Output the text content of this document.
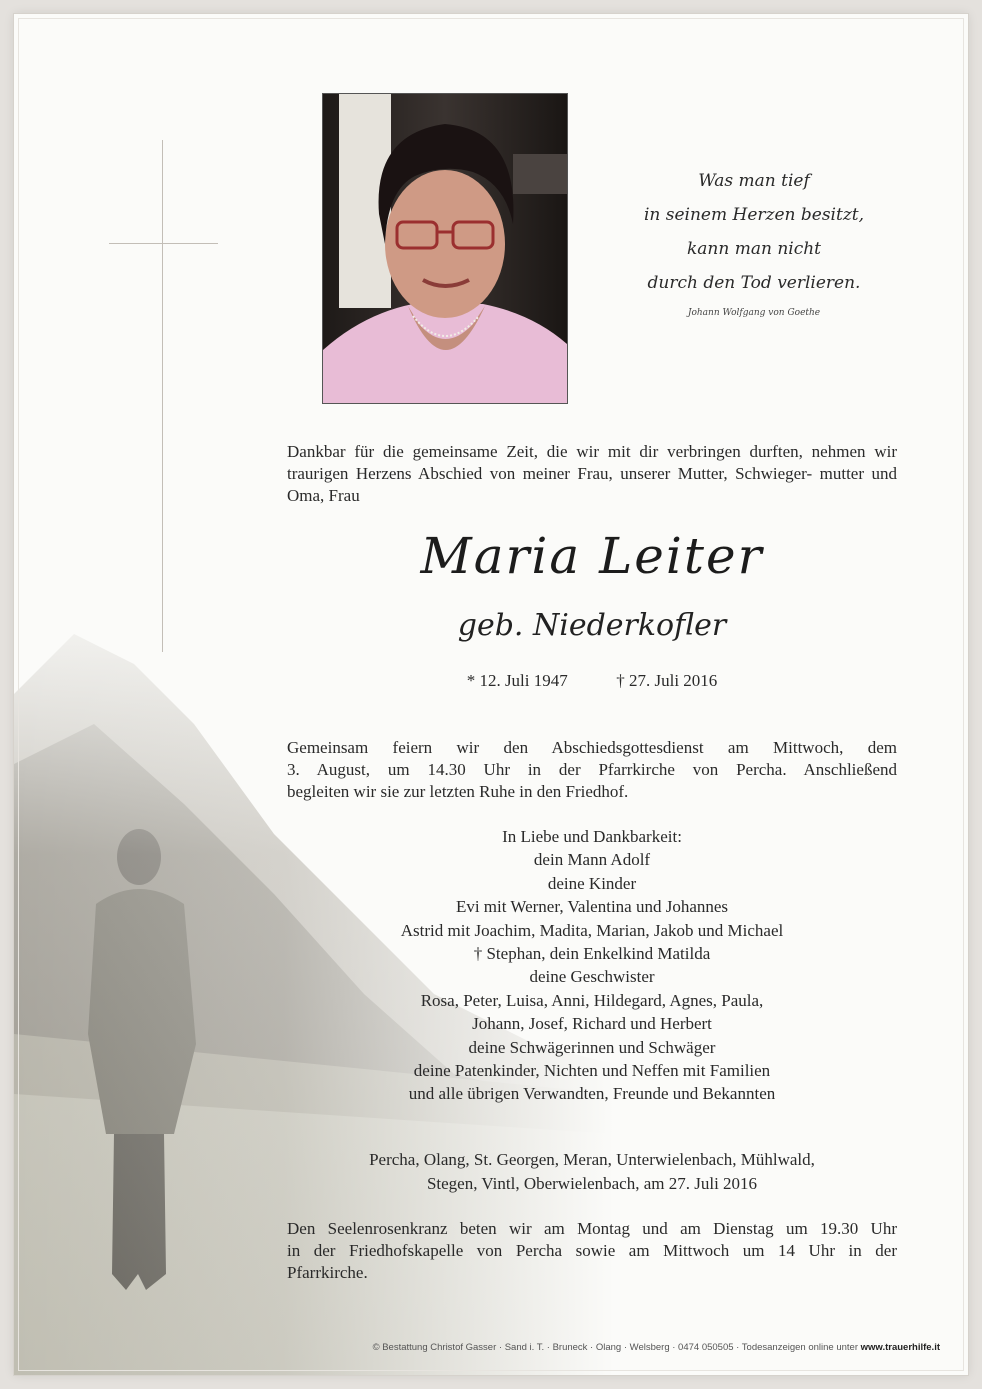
Was man tief
in seinem Herzen besitzt,
kann man nicht
durch den Tod verlieren.
Johann Wolfgang von Goethe
Dankbar für die gemeinsame Zeit, die wir mit dir verbringen durften, nehmen wir traurigen Herzens Abschied von meiner Frau, unserer Mutter, Schwieger- mutter und Oma, Frau
Maria Leiter
geb. Niederkofler
* 12. Juli 1947	† 27. Juli 2016
Gemeinsam feiern wir den Abschiedsgottesdienst am Mittwoch, dem
3. August, um 14.30 Uhr in der Pfarrkirche von Percha. Anschließend
begleiten wir sie zur letzten Ruhe in den Friedhof.
In Liebe und Dankbarkeit:
dein Mann Adolf
deine Kinder
Evi mit Werner, Valentina und Johannes
Astrid mit Joachim, Madita, Marian, Jakob und Michael
† Stephan, dein Enkelkind Matilda
deine Geschwister
Rosa, Peter, Luisa, Anni, Hildegard, Agnes, Paula,
Johann, Josef, Richard und Herbert
deine Schwägerinnen und Schwäger
deine Patenkinder, Nichten und Neffen mit Familien
und alle übrigen Verwandten, Freunde und Bekannten
Percha, Olang, St. Georgen, Meran, Unterwielenbach, Mühlwald,
Stegen, Vintl, Oberwielenbach, am 27. Juli 2016
Den Seelenrosenkranz beten wir am Montag und am Dienstag um 19.30 Uhr
in der Friedhofskapelle von Percha sowie am Mittwoch um 14 Uhr in der
Pfarrkirche.
© Bestattung Christof Gasser · Sand i. T. · Bruneck · Olang · Welsberg · 0474 050505 · Todesanzeigen online unter www.trauerhilfe.it
